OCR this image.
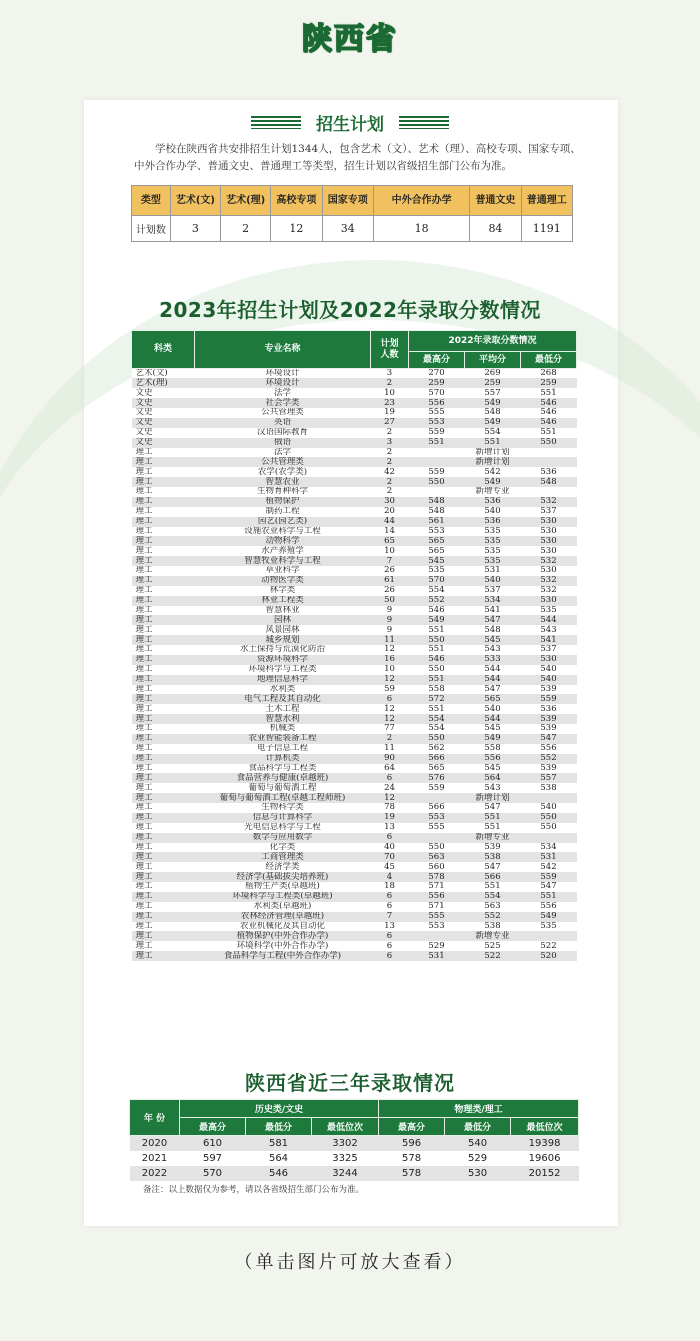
陕西省
招生计划

学校在陕西省共安排招生计划1344人，包含艺术（文）、艺术（理）、高校专项、国家专项、中外合作办学、普通文史、普通理工等类型，招生计划以省级招生部门公布为准。

类型	艺术(文)	艺术(理)	高校专项	国家专项	中外合作办学	普通文史	普通理工
计划数	3	2	12	34	18	84	1191
2023年招生计划及2022年录取分数情况
科类	专业名称	计划人数	2022年录取分数情况		
			最高分	平均分	最低分
艺术(文)	环境设计	3	270	269	268
艺术(理)	环境设计	2	259	259	259
文史	法学	10	570	557	551
文史	社会学类	23	556	549	546
文史	公共管理类	19	555	548	546
文史	英语	27	553	549	546
文史	汉语国际教育	2	559	554	551
文史	俄语	3	551	551	550
理工	法学	2	新增计划		
理工	公共管理类	2	新增计划		
理工	农学(农学类)	42	559	542	536
理工	智慧农业	2	550	549	548
理工	生物育种科学	2	新增专业		
理工	植物保护	30	548	536	532
理工	制药工程	20	548	540	537
理工	园艺(园艺类)	44	561	536	530
理工	设施农业科学与工程	14	553	535	530
理工	动物科学	65	565	535	530
理工	水产养殖学	10	565	535	530
理工	智慧牧业科学与工程	7	545	535	532
理工	草业科学	26	535	531	530
理工	动物医学类	61	570	540	532
理工	林学类	26	554	537	532
理工	林业工程类	50	552	534	530
理工	智慧林业	9	546	541	535
理工	园林	9	549	547	544
理工	风景园林	9	551	548	543
理工	城乡规划	11	550	545	541
理工	水土保持与荒漠化防治	12	551	543	537
理工	资源环境科学	16	546	533	530
理工	环境科学与工程类	10	550	544	540
理工	地理信息科学	12	551	544	540
理工	水利类	59	558	547	539
理工	电气工程及其自动化	6	572	565	559
理工	土木工程	12	551	540	536
理工	智慧水利	12	554	544	539
理工	机械类	77	554	545	539
理工	农业智能装备工程	2	550	549	547
理工	电子信息工程	11	562	558	556
理工	计算机类	90	566	556	552
理工	食品科学与工程类	64	565	545	539
理工	食品营养与健康(卓越班)	6	576	564	557
理工	葡萄与葡萄酒工程	24	559	543	538
理工	葡萄与葡萄酒工程(卓越工程师班)	12	新增计划		
理工	生物科学类	78	566	547	540
理工	信息与计算科学	19	553	551	550
理工	光电信息科学与工程	13	555	551	550
理工	数学与应用数学	6	新增专业		
理工	化学类	40	550	539	534
理工	工商管理类	70	563	538	531
理工	经济学类	45	560	547	542
理工	经济学(基础拔尖培养班)	4	578	566	559
理工	植物生产类(卓越班)	18	571	551	547
理工	环境科学与工程类(卓越班)	6	556	554	551
理工	水利类(卓越班)	6	571	563	556
理工	农林经济管理(卓越班)	7	555	552	549
理工	农业机械化及其自动化	13	553	538	535
理工	植物保护(中外合作办学)	6	新增专业		
理工	环境科学(中外合作办学)	6	529	525	522
理工	食品科学与工程(中外合作办学)	6	531	522	520
陕西省近三年录取情况
年 份	历史类/文史			物理类/理工		
	最高分	最低分	最低位次	最高分	最低分	最低位次
2020	610	581	3302	596	540	19398
2021	597	564	3325	578	529	19606
2022	570	546	3244	578	530	20152
备注：以上数据仅为参考，请以各省级招生部门公布为准。
（单击图片可放大查看）
